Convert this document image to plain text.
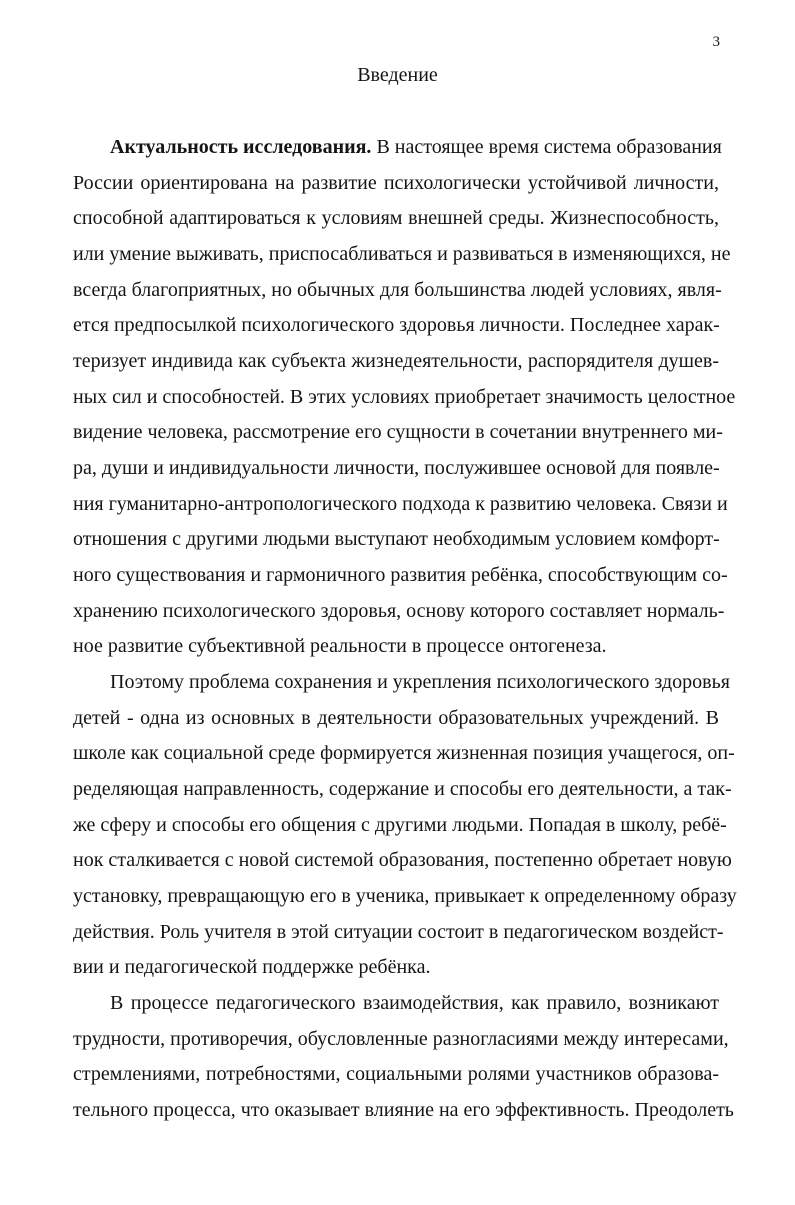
3
Введение
Актуальность исследования. В настоящее время система образования
России ориентирована на развитие психологически устойчивой личности,
способной адаптироваться к условиям внешней среды. Жизнеспособность,
или умение выживать, приспосабливаться и развиваться в изменяющихся, не
всегда благоприятных, но обычных для большинства людей условиях, явля-
ется предпосылкой психологического здоровья личности. Последнее харак-
теризует индивида как субъекта жизнедеятельности, распорядителя душев-
ных сил и способностей. В этих условиях приобретает значимость целостное
видение человека, рассмотрение его сущности в сочетании внутреннего ми-
ра, души и индивидуальности личности, послужившее основой для появле-
ния гуманитарно-антропологического подхода к развитию человека. Связи и
отношения с другими людьми выступают необходимым условием комфорт-
ного существования и гармоничного развития ребёнка, способствующим со-
хранению психологического здоровья, основу которого составляет нормаль-
ное развитие субъективной реальности в процессе онтогенеза.
Поэтому проблема сохранения и укрепления психологического здоровья
детей - одна из основных в деятельности образовательных учреждений. В
школе как социальной среде формируется жизненная позиция учащегося, оп-
ределяющая направленность, содержание и способы его деятельности, а так-
же сферу и способы его общения с другими людьми. Попадая в школу, ребё-
нок сталкивается с новой системой образования, постепенно обретает новую
установку, превращающую его в ученика, привыкает к определенному образу
действия. Роль учителя в этой ситуации состоит в педагогическом воздейст-
вии и педагогической поддержке ребёнка.
В процессе педагогического взаимодействия, как правило, возникают
трудности, противоречия, обусловленные разногласиями между интересами,
стремлениями, потребностями, социальными ролями участников образова-
тельного процесса, что оказывает влияние на его эффективность. Преодолеть
